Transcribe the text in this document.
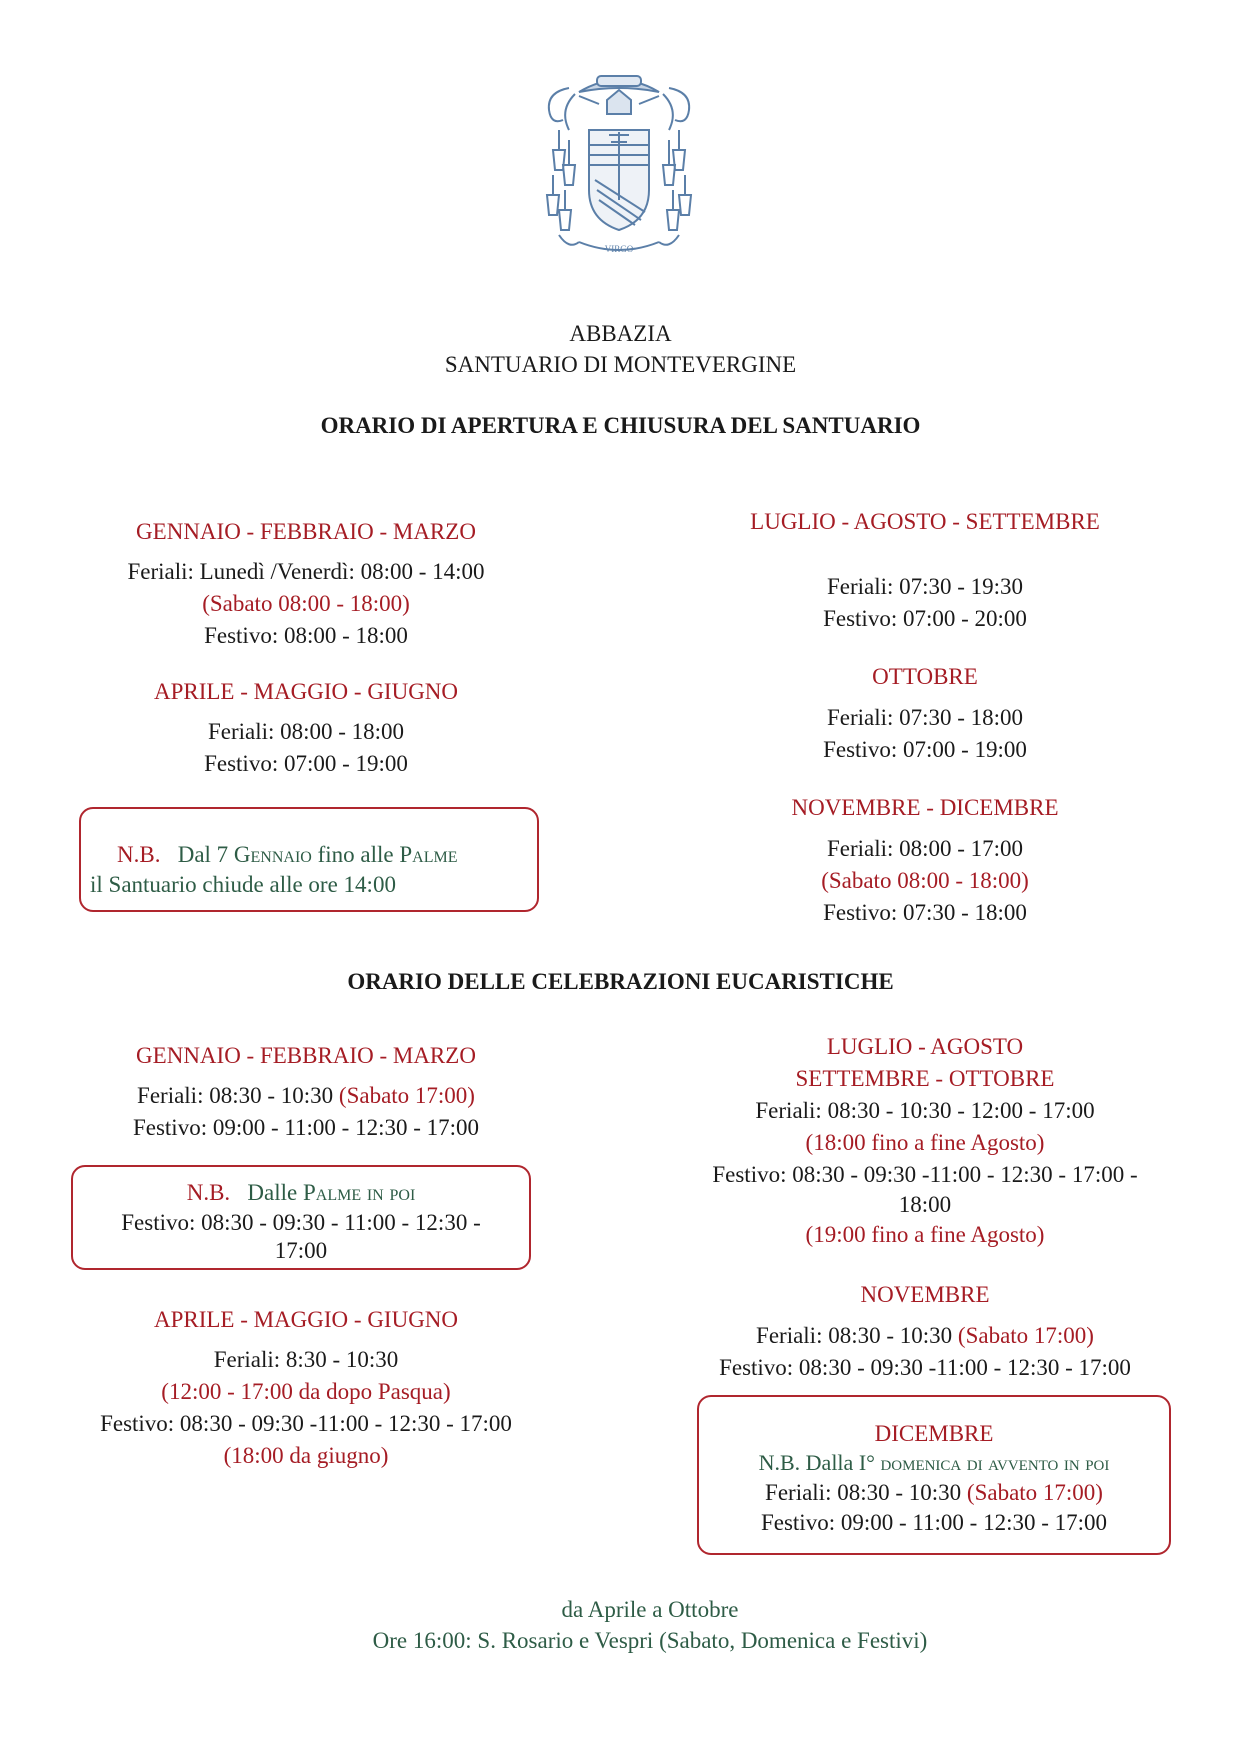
VIRGO
ABBAZIA
SANTUARIO DI MONTEVERGINE
ORARIO DI APERTURA E CHIUSURA DEL SANTUARIO
GENNAIO - FEBBRAIO - MARZO
Feriali: Lunedì /Venerdì: 08:00 - 14:00
(Sabato 08:00 - 18:00)
Festivo: 08:00 - 18:00
APRILE - MAGGIO - GIUGNO
Feriali: 08:00 - 18:00
Festivo: 07:00 - 19:00
N.B. Dal 7 Gennaio fino alle Palme
il Santuario chiude alle ore 14:00
LUGLIO - AGOSTO - SETTEMBRE
Feriali: 07:30 - 19:30
Festivo: 07:00 - 20:00
OTTOBRE
Feriali: 07:30 - 18:00
Festivo: 07:00 - 19:00
NOVEMBRE - DICEMBRE
Feriali: 08:00 - 17:00
(Sabato 08:00 - 18:00)
Festivo: 07:30 - 18:00
ORARIO DELLE CELEBRAZIONI EUCARISTICHE
GENNAIO - FEBBRAIO - MARZO
Feriali: 08:30 - 10:30 (Sabato 17:00)
Festivo: 09:00 - 11:00 - 12:30 - 17:00
N.B. Dalle Palme in poi
Festivo: 08:30 - 09:30 - 11:00 - 12:30 -
17:00
APRILE - MAGGIO - GIUGNO
Feriali: 8:30 - 10:30
(12:00 - 17:00 da dopo Pasqua)
Festivo: 08:30 - 09:30 -11:00 - 12:30 - 17:00
(18:00 da giugno)
LUGLIO - AGOSTO
SETTEMBRE - OTTOBRE
Feriali: 08:30 - 10:30 - 12:00 - 17:00
(18:00 fino a fine Agosto)
Festivo: 08:30 - 09:30 -11:00 - 12:30 - 17:00 -
18:00
(19:00 fino a fine Agosto)
NOVEMBRE
Feriali: 08:30 - 10:30 (Sabato 17:00)
Festivo: 08:30 - 09:30 -11:00 - 12:30 - 17:00
DICEMBRE
N.B. Dalla I° domenica di avvento in poi
Feriali: 08:30 - 10:30 (Sabato 17:00)
Festivo: 09:00 - 11:00 - 12:30 - 17:00
da Aprile a Ottobre
Ore 16:00: S. Rosario e Vespri (Sabato, Domenica e Festivi)
